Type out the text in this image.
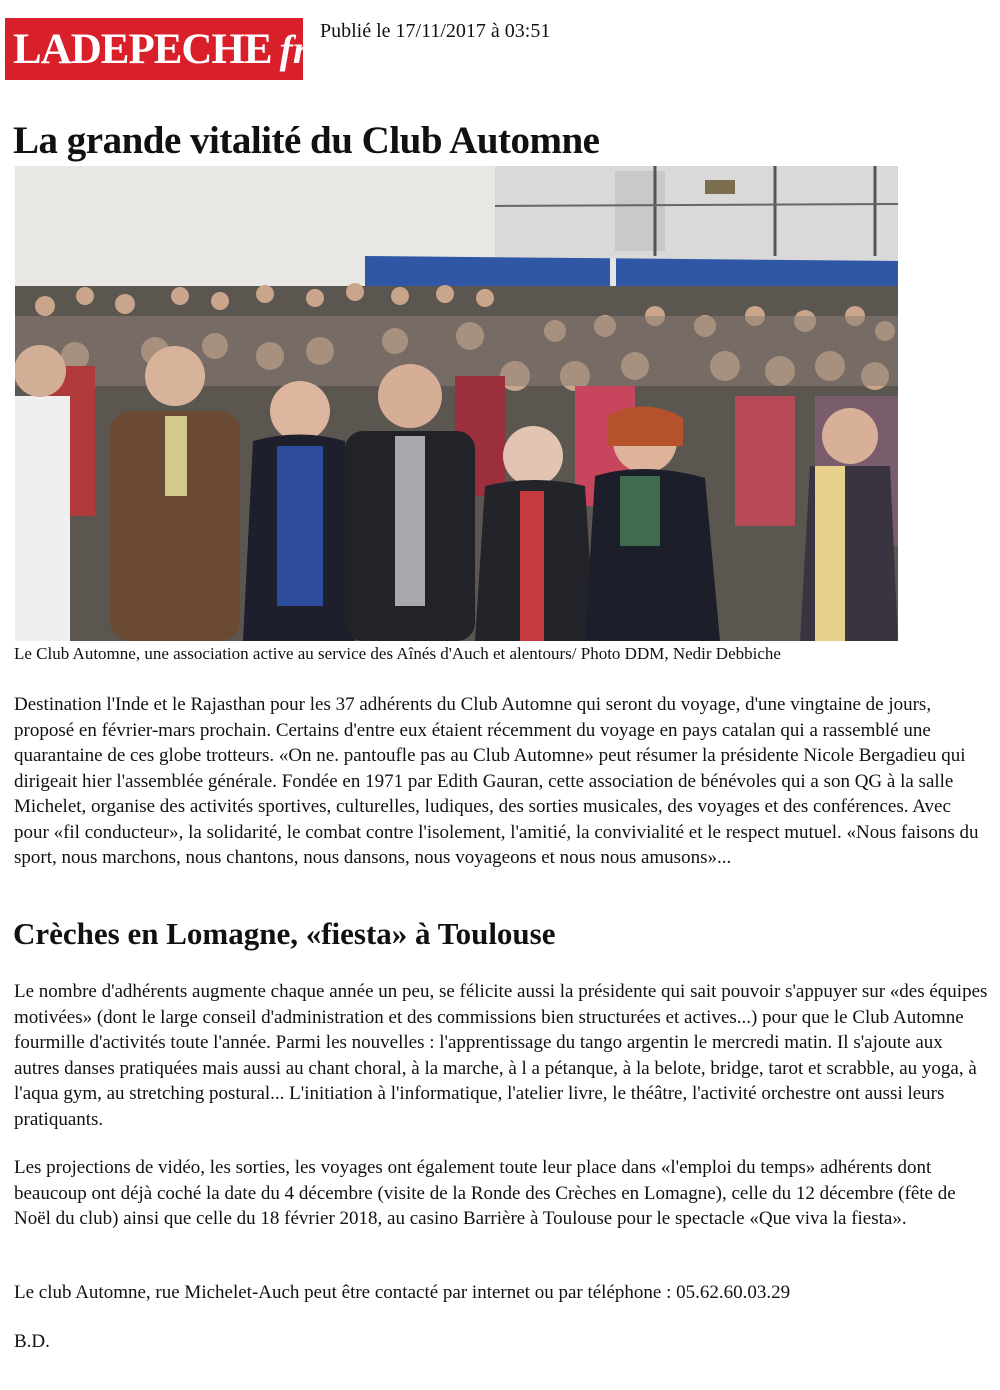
LADEPECHE fr Publié le 17/11/2017 à 03:51
La grande vitalité du Club Automne
Le Club Automne, une association active au service des Aînés d'Auch et alentours/ Photo DDM, Nedir Debbiche

Destination l'Inde et le Rajasthan pour les 37 adhérents du Club Automne qui seront du voyage, d'une vingtaine de jours, proposé en février-mars prochain. Certains d'entre eux étaient récemment du voyage en pays catalan qui a rassemblé une quarantaine de ces globe trotteurs. «On ne. pantoufle pas au Club Automne» peut résumer la présidente Nicole Bergadieu qui dirigeait hier l'assemblée générale. Fondée en 1971 par Edith Gauran, cette association de bénévoles qui a son QG à la salle Michelet, organise des activités sportives, culturelles, ludiques, des sorties musicales, des voyages et des conférences. Avec pour «fil conducteur», la solidarité, le combat contre l'isolement, l'amitié, la convivialité et le respect mutuel. «Nous faisons du sport, nous marchons, nous chantons, nous dansons, nous voyageons et nous nous amusons»...

Crèches en Lomagne, «fiesta» à Toulouse

Le nombre d'adhérents augmente chaque année un peu, se félicite aussi la présidente qui sait pouvoir s'appuyer sur «des équipes motivées» (dont le large conseil d'administration et des commissions bien structurées et actives...) pour que le Club Automne fourmille d'activités toute l'année. Parmi les nouvelles : l'apprentissage du tango argentin le mercredi matin. Il s'ajoute aux autres danses pratiquées mais aussi au chant choral, à la marche, à l a pétanque, à la belote, bridge, tarot et scrabble, au yoga, à l'aqua gym, au stretching postural... L'initiation à l'informatique, l'atelier livre, le théâtre, l'activité orchestre ont aussi leurs pratiquants.

Les projections de vidéo, les sorties, les voyages ont également toute leur place dans «l'emploi du temps» adhérents dont beaucoup ont déjà coché la date du 4 décembre (visite de la Ronde des Crèches en Lomagne), celle du 12 décembre (fête de Noël du club) ainsi que celle du 18 février 2018, au casino Barrière à Toulouse pour le spectacle «Que viva la fiesta».

Le club Automne, rue Michelet-Auch peut être contacté par internet ou par téléphone : 05.62.60.03.29

B.D.
